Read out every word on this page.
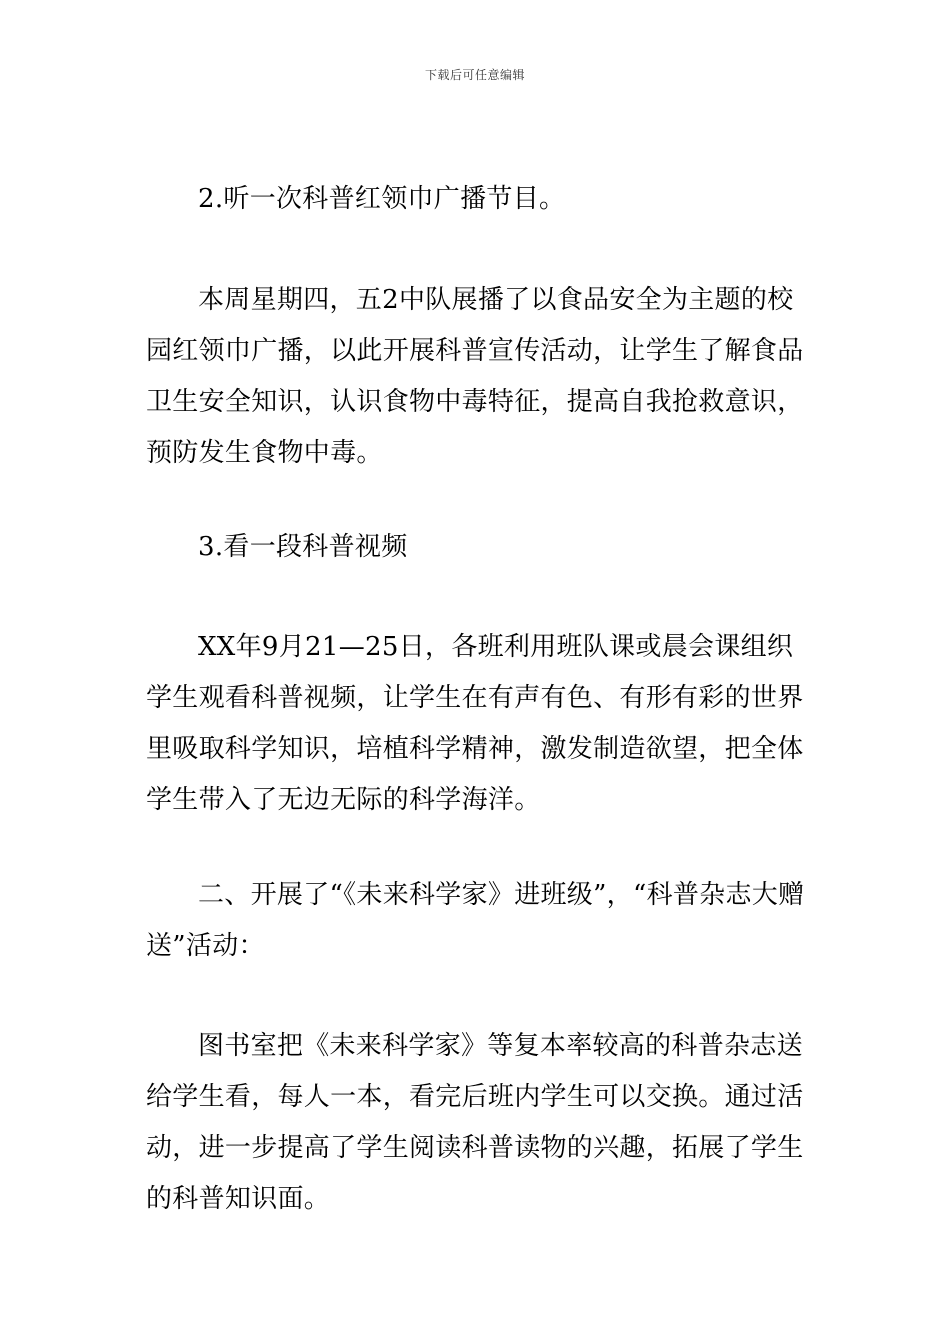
下载后可任意编辑

2.听一次科普红领巾广播节目。

本周星期四，五2中队展播了以食品安全为主题的校园红领巾广播，以此开展科普宣传活动，让学生了解食品卫生安全知识，认识食物中毒特征，提高自我抢救意识，预防发生食物中毒。

3.看一段科普视频

XX年9月21—25日，各班利用班队课或晨会课组织学生观看科普视频，让学生在有声有色、有形有彩的世界里吸取科学知识，培植科学精神，激发制造欲望，把全体学生带入了无边无际的科学海洋。

二、开展了“《未来科学家》进班级”，“科普杂志大赠送”活动：

图书室把《未来科学家》等复本率较高的科普杂志送给学生看，每人一本，看完后班内学生可以交换。通过活动，进一步提高了学生阅读科普读物的兴趣，拓展了学生的科普知识面。
